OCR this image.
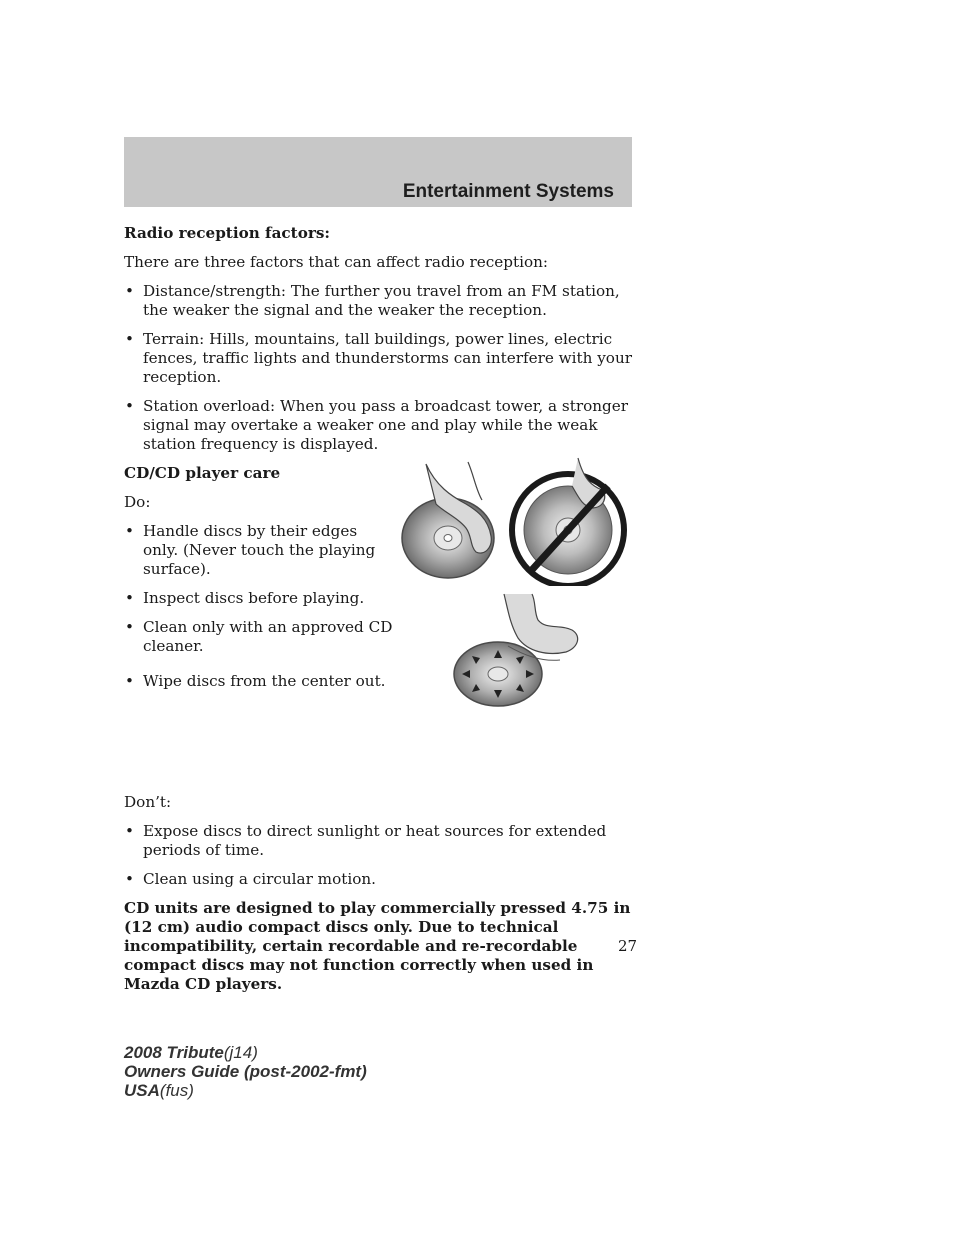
Entertainment Systems

Radio reception factors:

There are three factors that can affect radio reception:

• Distance/strength: The further you travel from an FM station, the weaker the signal and the weaker the reception.
• Terrain: Hills, mountains, tall buildings, power lines, electric fences, traffic lights and thunderstorms can interfere with your reception.
• Station overload: When you pass a broadcast tower, a stronger signal may overtake a weaker one and play while the weak station frequency is displayed.

CD/CD player care

Do:

• Handle discs by their edges only. (Never touch the playing surface).
• Inspect discs before playing.
• Clean only with an approved CD cleaner.
• Wipe discs from the center out.

Don’t:

• Expose discs to direct sunlight or heat sources for extended periods of time.
• Clean using a circular motion.

CD units are designed to play commercially pressed 4.75 in (12 cm) audio compact discs only. Due to technical incompatibility, certain recordable and re-recordable compact discs may not function correctly when used in Mazda CD players.

27
2008 Tribute(j14)
Owners Guide (post-2002-fmt)
USA(fus)
